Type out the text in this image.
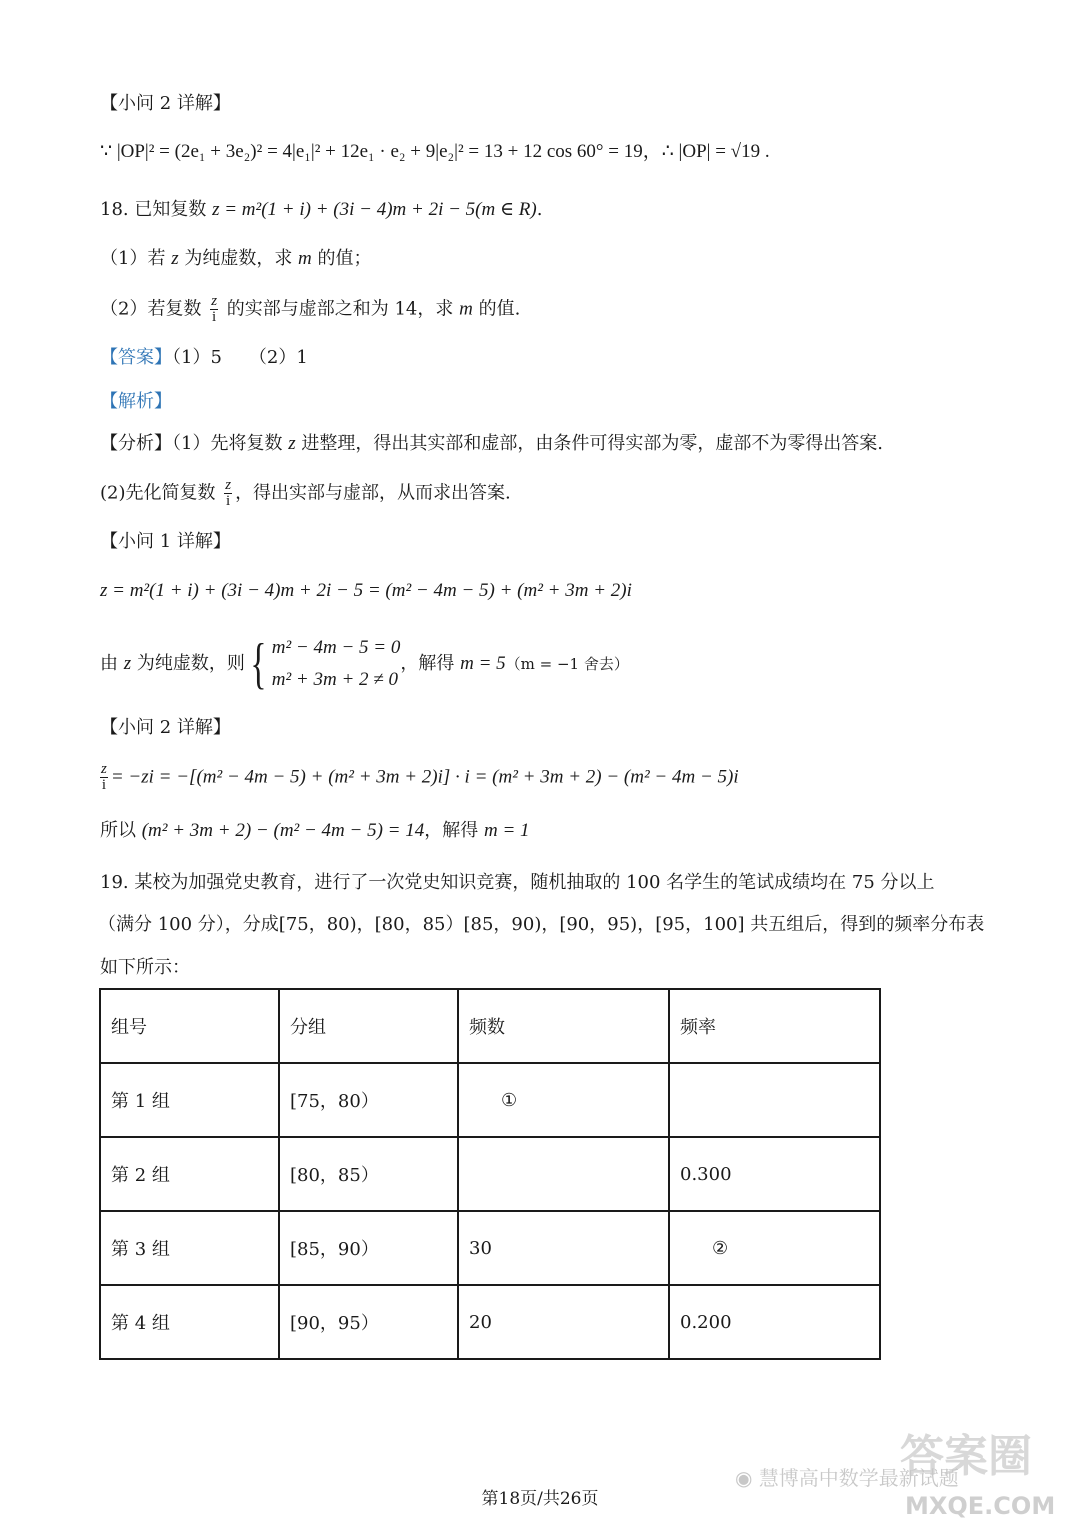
【小问 2 详解】
∵ |OP|² = (2e₁ + 3e₂)² = 4|e₁|² + 12e₁ · e₂ + 9|e₂|² = 13 + 12 cos 60° = 19，∴ |OP| = √19 .
18. 已知复数 z = m²(1 + i) + (3i − 4)m + 2i − 5(m ∈ R).
（1）若 z 为纯虚数，求 m 的值；
（2）若复数 $\frac{z}{i}$ 的实部与虚部之和为 14，求 m 的值.
【答案】（1）5　　（2）1
【解析】
【分析】（1）先将复数 z 进整理，得出其实部和虚部，由条件可得实部为零，虚部不为零得出答案.
(2)先化简复数 $\frac{z}{i}$ ，得出实部与虚部，从而求出答案.
【小问 1 详解】
z = m²(1 + i) + (3i − 4)m + 2i − 5 = (m² − 4m − 5) + (m² + 3m + 2)i
由 z 为纯虚数，则 { m² − 4m − 5 = 0
m² + 3m + 2 ≠ 0
，解得 m = 5（m = −1 舍去）
【小问 2 详解】
$\frac{z}{i} = -zi = -[(m^2 - 4m - 5) + (m^2 + 3m + 2)i] \cdot i = (m^2 + 3m + 2) - (m^2 - 4m - 5)i$
所以 (m² + 3m + 2) − (m² − 4m − 5) = 14，解得 m = 1
19. 某校为加强党史教育，进行了一次党史知识竞赛，随机抽取的 100 名学生的笔试成绩均在 75 分以上
（满分 100 分），分成[75，80)，[80，85）[85，90)，[90，95)，[95，100] 共五组后，得到的频率分布表
如下所示：
组号	分组	频数	频率
第 1 组	[75，80）	①	
第 2 组	[80，85）		0.300
第 3 组	[85，90）	30	②
第 4 组	[90，95）	20	0.200
答案圈
◉ 慧博高中数学最新试题
MXQE.COM
第18页/共26页
